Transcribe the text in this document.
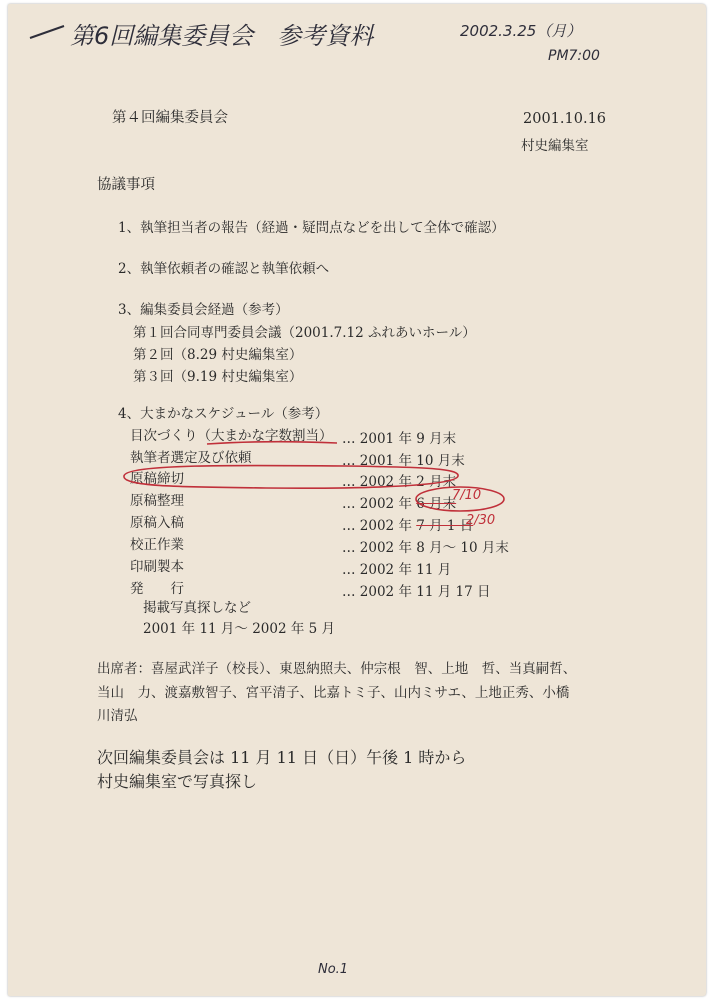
第6回編集委員会　参考資料	2002.3.25（月）
PM7:00
第４回編集委員会	2001.10.16
村史編集室
協議事項
1、執筆担当者の報告（経過・疑問点などを出して全体で確認）
2、執筆依頼者の確認と執筆依頼へ
3、編集委員会経過（参考）
第１回合同専門委員会議（2001.7.12 ふれあいホール）
第２回（8.29 村史編集室）
第３回（9.19 村史編集室）
4、大まかなスケジュール（参考）
目次づくり（大まかな字数割当） … 2001 年 9 月末
執筆者選定及び依頼	… 2001 年 10 月末
原稿締切	… 2002 年 2 月末
原稿整理	… 2002 年 6 月末
原稿入稿	… 2002 年 7 月 1 日
校正作業	… 2002 年 8 月～ 10 月末
印刷製本	… 2002 年 11 月
発　　行	… 2002 年 11 月 17 日
7/10
2/30
掲載写真探しなど
2001 年 11 月～ 2002 年 5 月
出席者：喜屋武洋子（校長）、東恩納照夫、仲宗根　智、上地　哲、当真嗣哲、
当山　力、渡嘉敷智子、宮平清子、比嘉トミ子、山内ミサエ、上地正秀、小橋
川清弘
次回編集委員会は 11 月 11 日（日）午後 1 時から
村史編集室で写真探し
No.1
